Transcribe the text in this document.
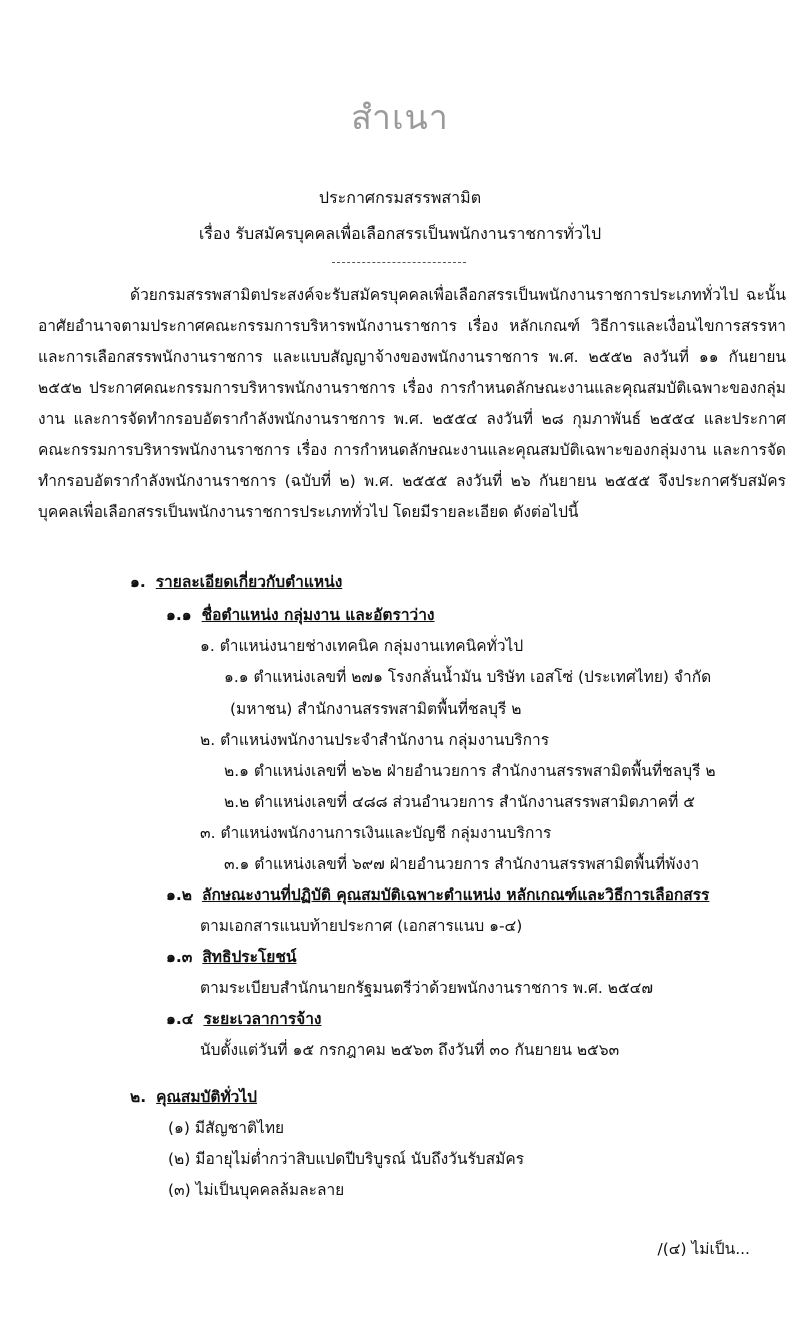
สำเนา
ประกาศกรมสรรพสามิต
เรื่อง รับสมัครบุคคลเพื่อเลือกสรรเป็นพนักงานราชการทั่วไป

ด้วยกรมสรรพสามิตประสงค์จะรับสมัครบุคคลเพื่อเลือกสรรเป็นพนักงานราชการประเภททั่วไป ฉะนั้น อาศัยอำนาจตามประกาศคณะกรรมการบริหารพนักงานราชการ เรื่อง หลักเกณฑ์ วิธีการและเงื่อนไขการสรรหาและการเลือกสรรพนักงานราชการ และแบบสัญญาจ้างของพนักงานราชการ พ.ศ. ๒๕๕๒ ลงวันที่ ๑๑ กันยายน ๒๕๕๒ ประกาศคณะกรรมการบริหารพนักงานราชการ เรื่อง การกำหนดลักษณะงานและคุณสมบัติเฉพาะของกลุ่มงาน และการจัดทำกรอบอัตรากำลังพนักงานราชการ พ.ศ. ๒๕๕๔ ลงวันที่ ๒๘ กุมภาพันธ์ ๒๕๕๔ และประกาศคณะกรรมการบริหารพนักงานราชการ เรื่อง การกำหนดลักษณะงานและคุณสมบัติเฉพาะของกลุ่มงาน และการจัดทำกรอบอัตรากำลังพนักงานราชการ (ฉบับที่ ๒) พ.ศ. ๒๕๕๕ ลงวันที่ ๒๖ กันยายน ๒๕๕๕ จึงประกาศรับสมัครบุคคลเพื่อเลือกสรรเป็นพนักงานราชการประเภททั่วไป โดยมีรายละเอียด ดังต่อไปนี้

๑. รายละเอียดเกี่ยวกับตำแหน่ง
๑.๑ ชื่อตำแหน่ง กลุ่มงาน และอัตราว่าง
๑. ตำแหน่งนายช่างเทคนิค กลุ่มงานเทคนิคทั่วไป
๑.๑ ตำแหน่งเลขที่ ๒๗๑ โรงกลั่นน้ำมัน บริษัท เอสโซ่ (ประเทศไทย) จำกัด
(มหาชน) สำนักงานสรรพสามิตพื้นที่ชลบุรี ๒
๒. ตำแหน่งพนักงานประจำสำนักงาน กลุ่มงานบริการ
๒.๑ ตำแหน่งเลขที่ ๒๖๒ ฝ่ายอำนวยการ สำนักงานสรรพสามิตพื้นที่ชลบุรี ๒
๒.๒ ตำแหน่งเลขที่ ๔๘๘ ส่วนอำนวยการ สำนักงานสรรพสามิตภาคที่ ๕
๓. ตำแหน่งพนักงานการเงินและบัญชี กลุ่มงานบริการ
๓.๑ ตำแหน่งเลขที่ ๖๙๗ ฝ่ายอำนวยการ สำนักงานสรรพสามิตพื้นที่พังงา
๑.๒ ลักษณะงานที่ปฏิบัติ คุณสมบัติเฉพาะตำแหน่ง หลักเกณฑ์และวิธีการเลือกสรร
ตามเอกสารแนบท้ายประกาศ (เอกสารแนบ ๑-๔)
๑.๓ สิทธิประโยชน์
ตามระเบียบสำนักนายกรัฐมนตรีว่าด้วยพนักงานราชการ พ.ศ. ๒๕๔๗
๑.๔ ระยะเวลาการจ้าง
นับตั้งแต่วันที่ ๑๕ กรกฎาคม ๒๕๖๓ ถึงวันที่ ๓๐ กันยายน ๒๕๖๓
๒. คุณสมบัติทั่วไป
(๑) มีสัญชาติไทย
(๒) มีอายุไม่ต่ำกว่าสิบแปดปีบริบูรณ์ นับถึงวันรับสมัคร
(๓) ไม่เป็นบุคคลล้มละลาย
/(๔) ไม่เป็น...
